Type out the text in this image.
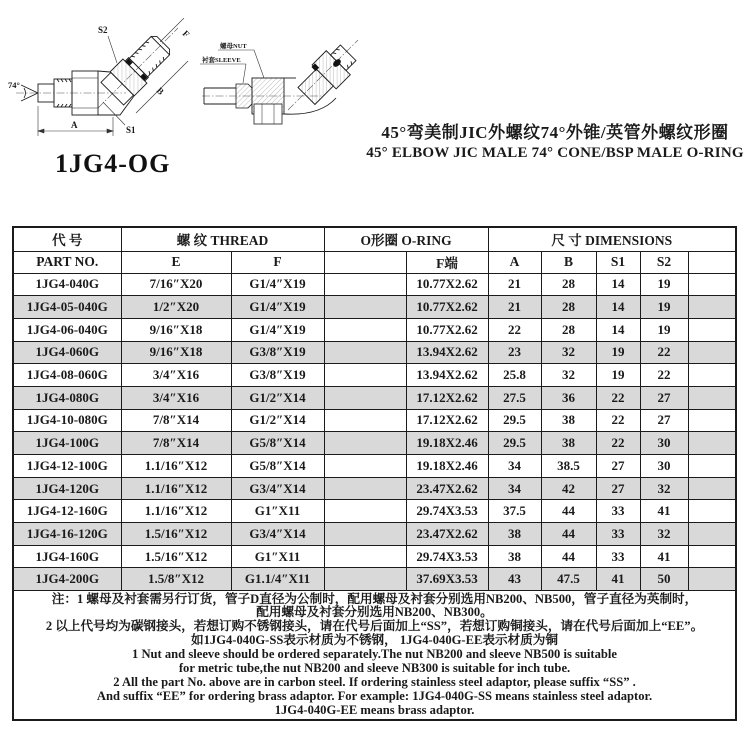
A	S1
S2	F
B
74°
螺母NUT
衬套SLEEVE
1JG4-OG
45°弯美制JIC外螺纹74°外锥/英管外螺纹形圈
45° ELBOW JIC MALE 74° CONE/BSP MALE O-RING
代 号	螺 纹 THREAD		O形圈 O-RING		尺 寸 DIMENSIONS				
PART NO.	E	F		F端	A	B	S1	S2	
1JG4-040G	7/16″X20	G1/4″X19		10.77X2.62	21	28	14	19	
1JG4-05-040G	1/2″X20	G1/4″X19		10.77X2.62	21	28	14	19	
1JG4-06-040G	9/16″X18	G1/4″X19		10.77X2.62	22	28	14	19	
1JG4-060G	9/16″X18	G3/8″X19		13.94X2.62	23	32	19	22	
1JG4-08-060G	3/4″X16	G3/8″X19		13.94X2.62	25.8	32	19	22	
1JG4-080G	3/4″X16	G1/2″X14		17.12X2.62	27.5	36	22	27	
1JG4-10-080G	7/8″X14	G1/2″X14		17.12X2.62	29.5	38	22	27	
1JG4-100G	7/8″X14	G5/8″X14		19.18X2.46	29.5	38	22	30	
1JG4-12-100G	1.1/16″X12	G5/8″X14		19.18X2.46	34	38.5	27	30	
1JG4-120G	1.1/16″X12	G3/4″X14		23.47X2.62	34	42	27	32	
1JG4-12-160G	1.1/16″X12	G1″X11		29.74X3.53	37.5	44	33	41	
1JG4-16-120G	1.5/16″X12	G3/4″X14		23.47X2.62	38	44	33	32	
1JG4-160G	1.5/16″X12	G1″X11		29.74X3.53	38	44	33	41	
1JG4-200G	1.5/8″X12	G1.1/4″X11		37.69X3.53	43	47.5	41	50	

注：1 螺母及衬套需另行订货，管子D直径为公制时，配用螺母及衬套分别选用NB200、NB500，管子直径为英制时，
配用螺母及衬套分别选用NB200、NB300。
2 以上代号均为碳钢接头，若想订购不锈钢接头，请在代号后面加上“SS”，若想订购铜接头，请在代号后面加上“EE”。
如1JG4-040G-SS表示材质为不锈钢， 1JG4-040G-EE表示材质为铜
1 Nut and sleeve should be ordered separately.The nut NB200 and sleeve NB500 is suitable
for metric tube,the nut NB200 and sleeve NB300 is suitable for inch tube.
2 All the part No. above are in carbon steel. If ordering stainless steel adaptor, please suffix “SS” .
And suffix “EE” for ordering brass adaptor. For example: 1JG4-040G-SS means stainless steel adaptor.
1JG4-040G-EE means brass adaptor.
